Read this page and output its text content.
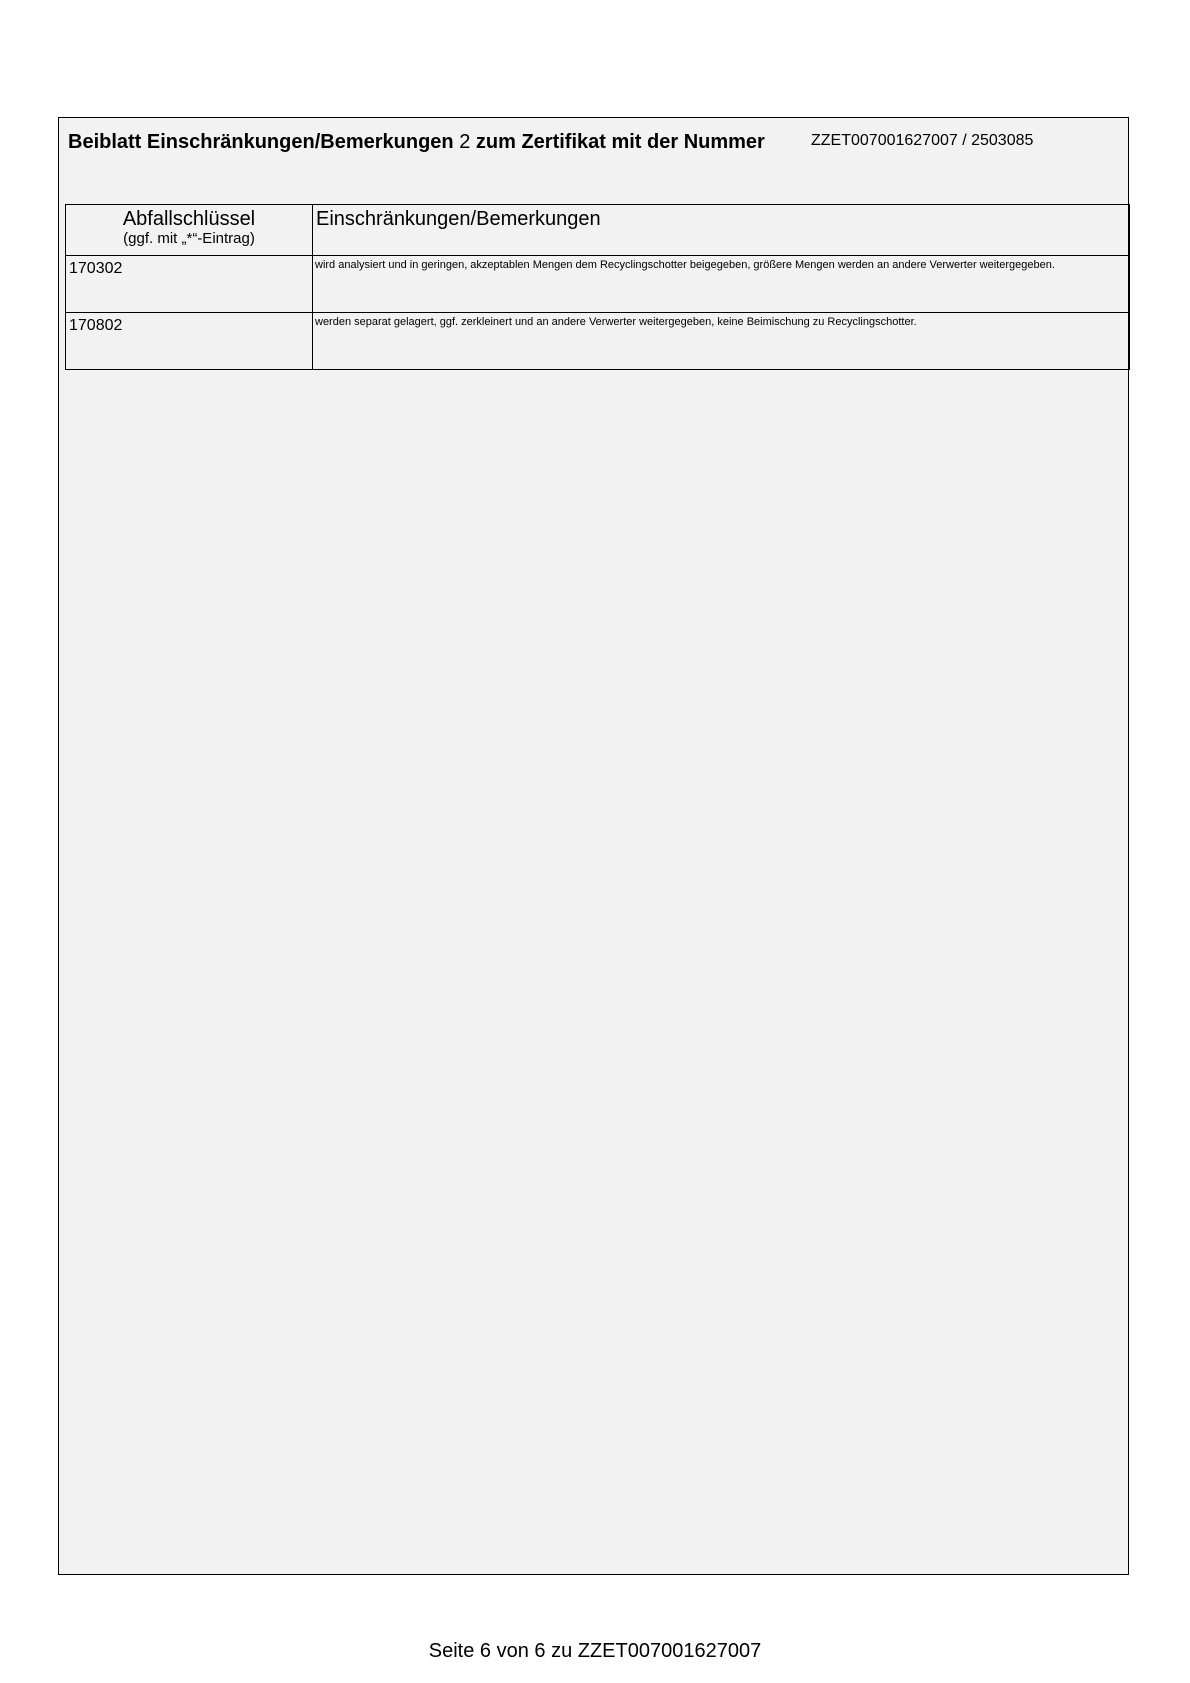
Beiblatt Einschränkungen/Bemerkungen 2 zum Zertifikat mit der Nummer	ZZET007001627007 / 2503085
Abfallschlüssel
(ggf. mit „*“-Eintrag)	Einschränkungen/Bemerkungen
170302	wird analysiert und in geringen, akzeptablen Mengen dem Recyclingschotter beigegeben, größere Mengen werden an andere Verwerter weitergegeben.
170802	werden separat gelagert, ggf. zerkleinert und an andere Verwerter weitergegeben, keine Beimischung zu Recyclingschotter.
Seite 6 von 6 zu ZZET007001627007
